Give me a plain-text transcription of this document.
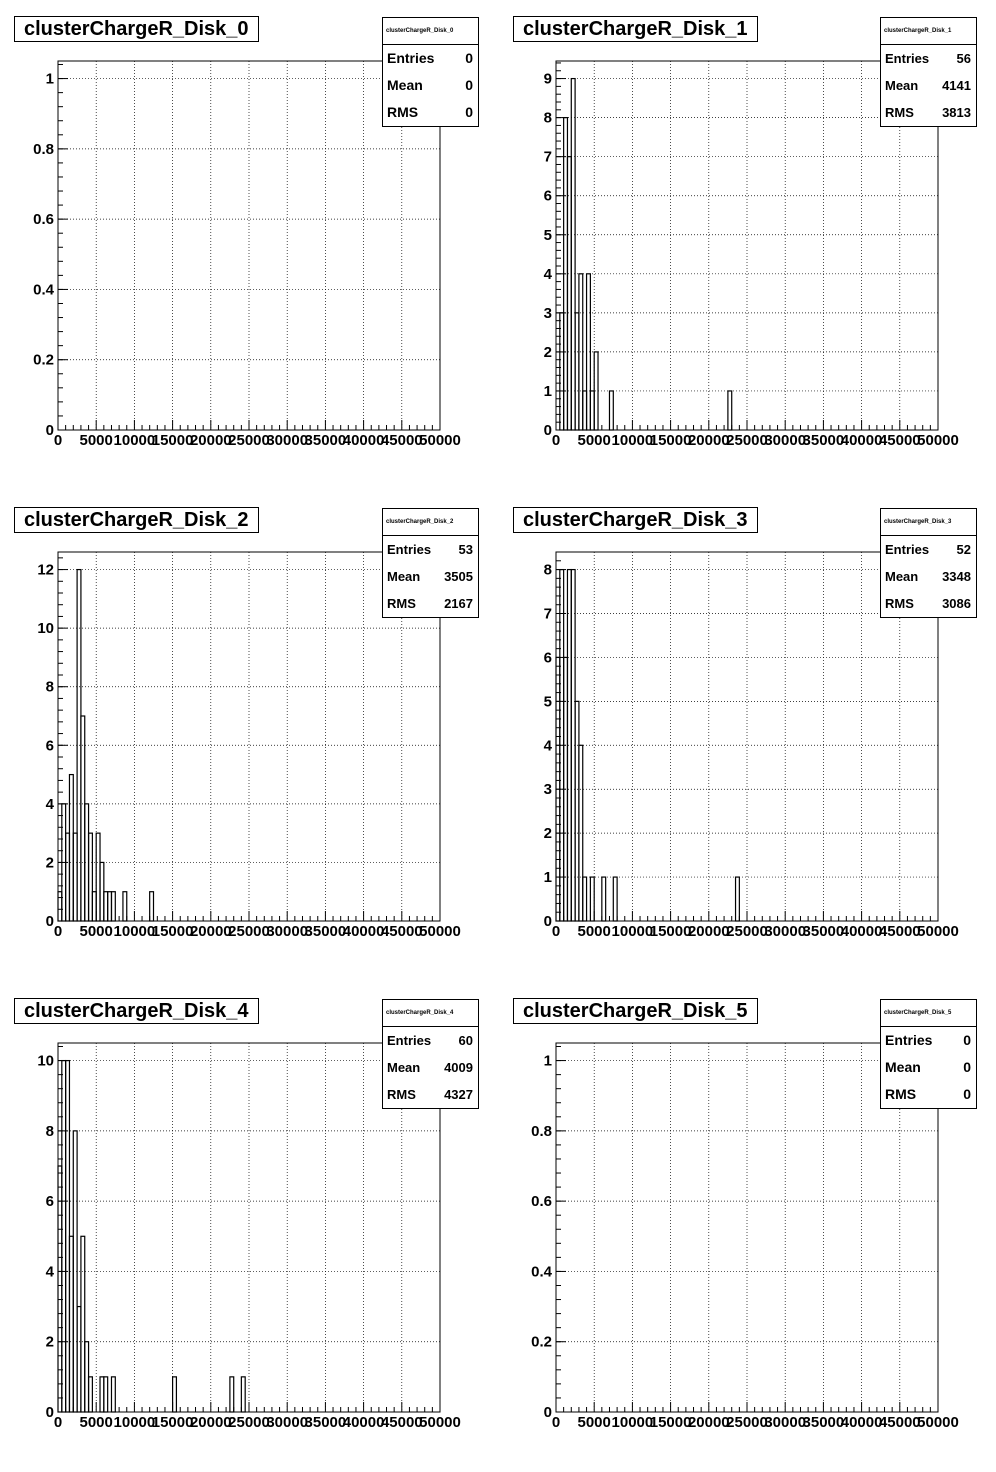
0 5000 10000
15000
20000
25000
30000
35000
40000
45000
50000
0
0.2
0.4
0.6
0.8
1
0 5000 10000
15000
20000
25000
30000
35000
40000
45000
50000
0
1
2
3
4
5
6
7
8
9
0 5000 10000
15000
20000
25000
30000
35000
40000
45000
50000
0
2
4
6
8
10
12
0 5000 10000
15000
20000
25000
30000
35000
40000
45000
50000
0
1
2
3
4
5
6
7
8
0 5000 10000
15000
20000
25000
30000
35000
40000
45000
50000
0
2
4
6
8
10
0 5000 10000
15000
20000
25000
30000
35000
40000
45000
50000
0
0.2
0.4
0.6
0.8
1
clusterChargeR_Disk_0	clusterChargeR_Disk_0
Entries 0
Mean	0
RMS	0
clusterChargeR_Disk_1	clusterChargeR_Disk_1
Entries 56
Mean 4141
RMS 3813
clusterChargeR_Disk_2	clusterChargeR_Disk_2
Entries 53
Mean 3505
RMS 2167
clusterChargeR_Disk_3	clusterChargeR_Disk_3
Entries 52
Mean 3348
RMS 3086
clusterChargeR_Disk_4	clusterChargeR_Disk_4
Entries 60
Mean 4009
RMS 4327
clusterChargeR_Disk_5	clusterChargeR_Disk_5
Entries 0
Mean	0
RMS	0
